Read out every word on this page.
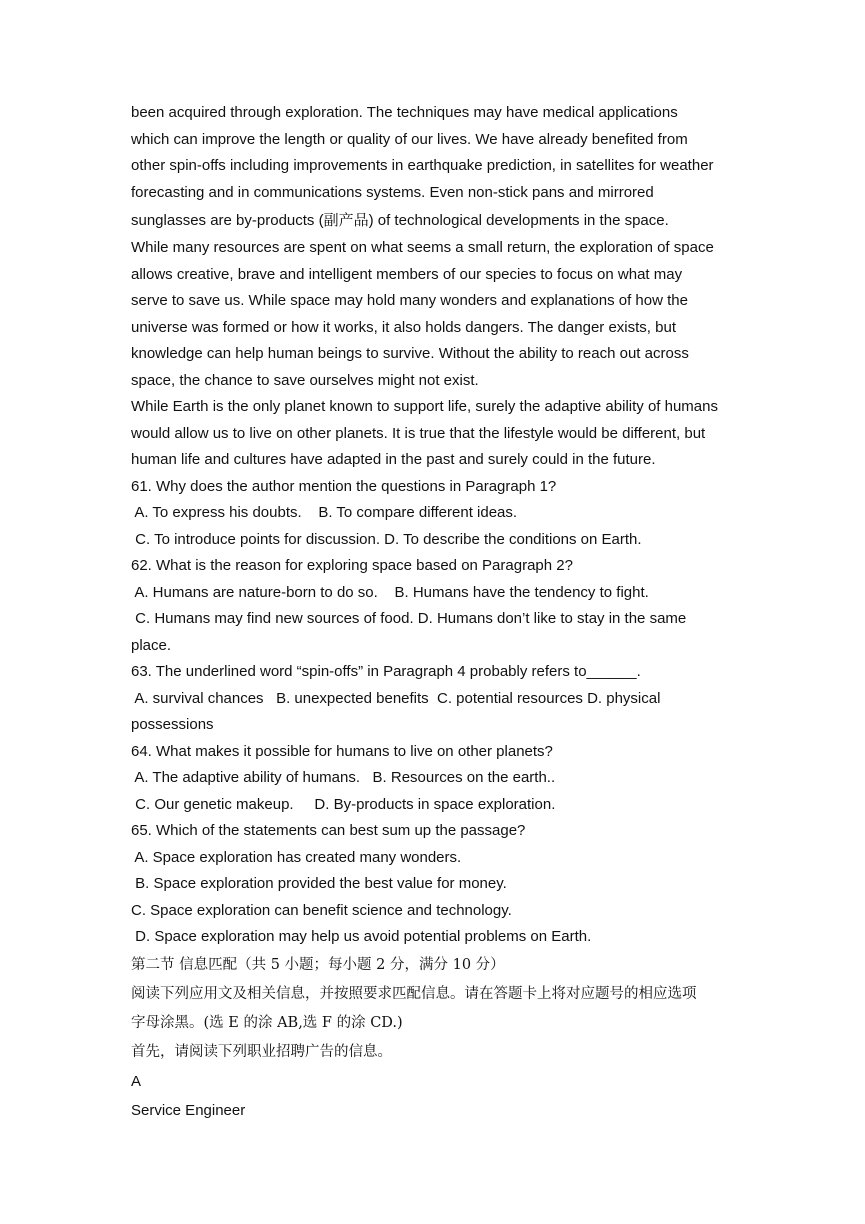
been acquired through exploration. The techniques may have medical applications
which can improve the length or quality of our lives. We have already benefited from
other spin-offs including improvements in earthquake prediction, in satellites for weather
forecasting and in communications systems. Even non-stick pans and mirrored
sunglasses are by-products (副产品) of technological developments in the space.
While many resources are spent on what seems a small return, the exploration of space
allows creative, brave and intelligent members of our species to focus on what may
serve to save us. While space may hold many wonders and explanations of how the
universe was formed or how it works, it also holds dangers. The danger exists, but
knowledge can help human beings to survive. Without the ability to reach out across
space, the chance to save ourselves might not exist.
While Earth is the only planet known to support life, surely the adaptive ability of humans
would allow us to live on other planets. It is true that the lifestyle would be different, but
human life and cultures have adapted in the past and surely could in the future.
61. Why does the author mention the questions in Paragraph 1?
A. To express his doubts.    B. To compare different ideas.
C. To introduce points for discussion. D. To describe the conditions on Earth.
62. What is the reason for exploring space based on Paragraph 2?
A. Humans are nature-born to do so.    B. Humans have the tendency to fight.
C. Humans may find new sources of food. D. Humans don’t like to stay in the same
place.
63. The underlined word “spin-offs” in Paragraph 4 probably refers to______.
A. survival chances   B. unexpected benefits  C. potential resources D. physical
possessions
64. What makes it possible for humans to live on other planets?
A. The adaptive ability of humans.   B. Resources on the earth..
C. Our genetic makeup.     D. By-products in space exploration.
65. Which of the statements can best sum up the passage?
A. Space exploration has created many wonders.
B. Space exploration provided the best value for money.
C. Space exploration can benefit science and technology.
D. Space exploration may help us avoid potential problems on Earth.
第二节 信息匹配（共 5 小题；每小题 2 分，满分 10 分）
阅读下列应用文及相关信息，并按照要求匹配信息。请在答题卡上将对应题号的相应选项
字母涂黑。(选 E 的涂 AB,选 F 的涂 CD.)
首先，请阅读下列职业招聘广告的信息。
A
Service Engineer
